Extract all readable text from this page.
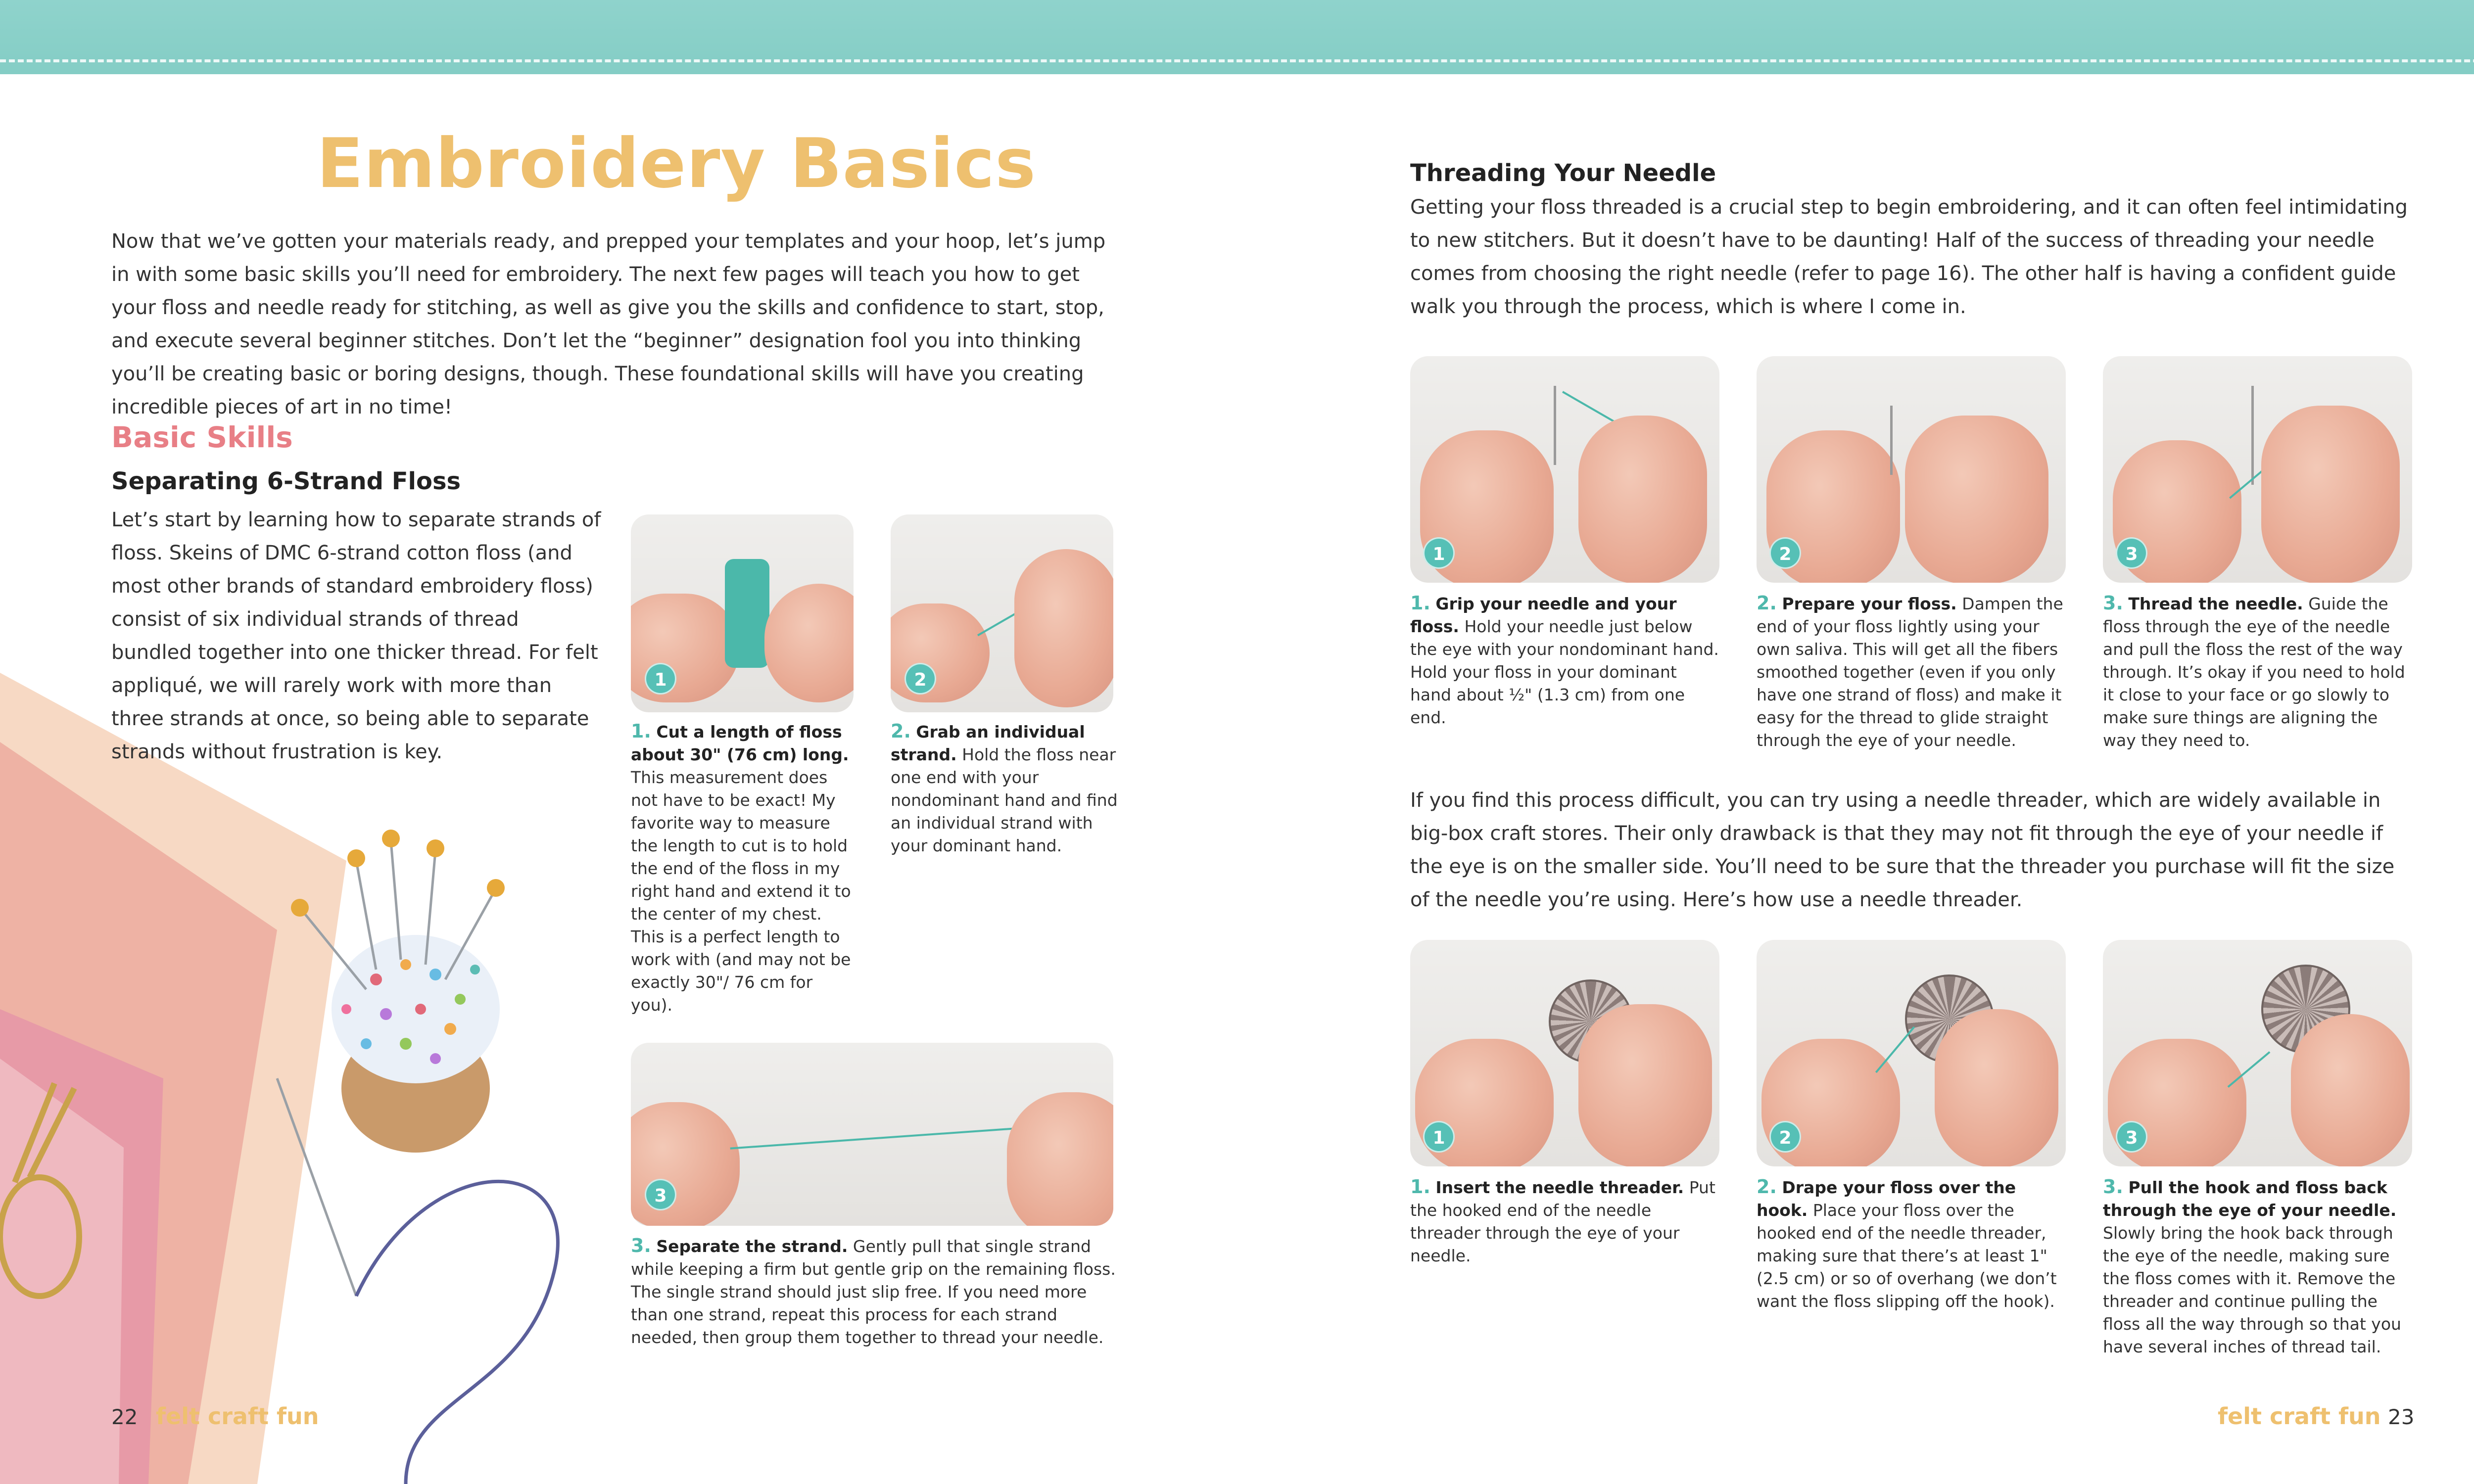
Embroidery Basics

Now that we’ve gotten your materials ready, and prepped your templates and your hoop, let’s jump in with some basic skills you’ll need for embroidery. The next few pages will teach you how to get your floss and needle ready for stitching, as well as give you the skills and confidence to start, stop, and execute several beginner stitches. Don’t let the “beginner” designation fool you into thinking you’ll be creating basic or boring designs, though. These foundational skills will have you creating incredible pieces of art in no time!

Basic Skills
Separating 6-Strand Floss

Let’s start by learning how to separate strands of floss. Skeins of DMC 6-strand cotton floss (and most other brands of standard embroidery floss) consist of six individual strands of thread bundled together into one thicker thread. For felt appliqué, we will rarely work with more than three strands at once, so being able to separate strands without frustration is key.

1	2
1. Cut a length of floss about 30" (76 cm) long. This measurement does not have to be exact! My favorite way to measure the length to cut is to hold the end of the floss in my right hand and extend it to the center of my chest. This is a perfect length to work with (and may not be exactly 30"/ 76 cm for you).
2. Grab an individual strand. Hold the floss near one end with your nondominant hand and find an individual strand with your dominant hand.
3
3. Separate the strand. Gently pull that single strand while keeping a firm but gentle grip on the remaining floss. The single strand should just slip free. If you need more than one strand, repeat this process for each strand needed, then group them together to thread your needle.
Threading Your Needle

Getting your floss threaded is a crucial step to begin embroidering, and it can often feel intimidating to new stitchers. But it doesn’t have to be daunting! Half of the success of threading your needle comes from choosing the right needle (refer to page 16). The other half is having a confident guide walk you through the process, which is where I come in.

1	2	3
1. Grip your needle and your floss. Hold your needle just below the eye with your nondominant hand. Hold your floss in your dominant hand about ½" (1.3 cm) from one end.
2. Prepare your floss. Dampen the end of your floss lightly using your own saliva. This will get all the fibers smoothed together (even if you only have one strand of floss) and make it easy for the thread to glide straight through the eye of your needle.
3. Thread the needle. Guide the floss through the eye of the needle and pull the floss the rest of the way through. It’s okay if you need to hold it close to your face or go slowly to make sure things are aligning the way they need to.

If you find this process difficult, you can try using a needle threader, which are widely available in big-box craft stores. Their only drawback is that they may not fit through the eye of your needle if the eye is on the smaller side. You’ll need to be sure that the threader you purchase will fit the size of the needle you’re using. Here’s how use a needle threader.

1	2	3
1. Insert the needle threader. Put the hooked end of the needle threader through the eye of your needle.
2. Drape your floss over the hook. Place your floss over the hooked end of the needle threader, making sure that there’s at least 1" (2.5 cm) or so of overhang (we don’t want the floss slipping off the hook).
3. Pull the hook and floss back through the eye of your needle. Slowly bring the hook back through the eye of the needle, making sure the floss comes with it. Remove the threader and continue pulling the floss all the way through so that you have several inches of thread tail.
22 felt craft fun	felt craft fun 23
